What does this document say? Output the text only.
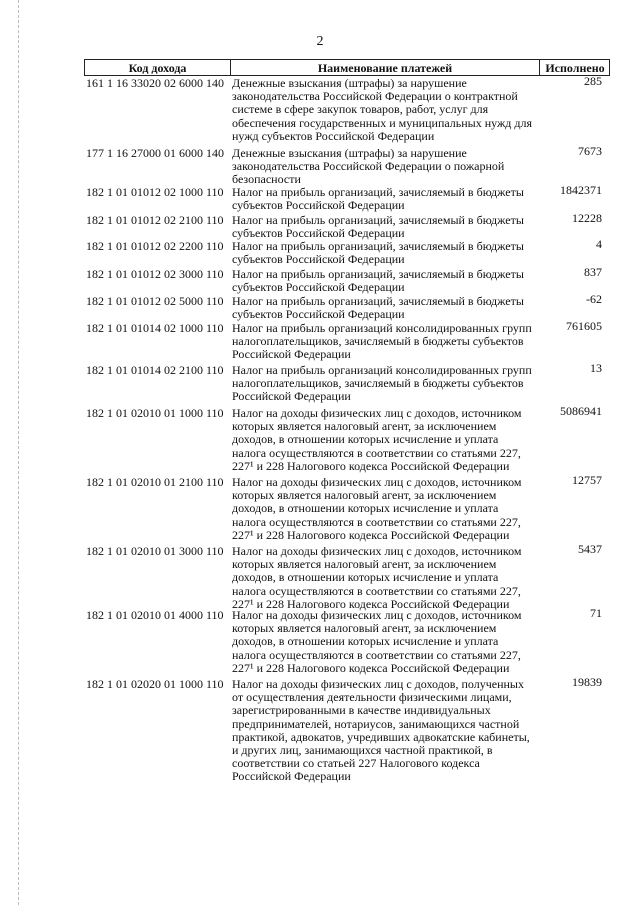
2
Код дохода	Наименование платежей	Исполнено
161 1 16 33020 02 6000 140 Денежные взыскания (штрафы) за нарушение
законодательства Российской Федерации о контрактной
системе в сфере закупок товаров, работ, услуг для
обеспечения государственных и муниципальных нужд для
нужд субъектов Российской Федерации
285
177 1 16 27000 01 6000 140 Денежные взыскания (штрафы) за нарушение
законодательства Российской Федерации о пожарной
безопасности
7673
182 1 01 01012 02 1000 110 Налог на прибыль организаций, зачисляемый в бюджеты
субъектов Российской Федерации
1842371
182 1 01 01012 02 2100 110 Налог на прибыль организаций, зачисляемый в бюджеты
субъектов Российской Федерации
12228
182 1 01 01012 02 2200 110 Налог на прибыль организаций, зачисляемый в бюджеты
субъектов Российской Федерации
4
182 1 01 01012 02 3000 110 Налог на прибыль организаций, зачисляемый в бюджеты
субъектов Российской Федерации
837
182 1 01 01012 02 5000 110 Налог на прибыль организаций, зачисляемый в бюджеты
субъектов Российской Федерации
-62
182 1 01 01014 02 1000 110 Налог на прибыль организаций консолидированных групп
налогоплательщиков, зачисляемый в бюджеты субъектов
Российской Федерации
761605
182 1 01 01014 02 2100 110 Налог на прибыль организаций консолидированных групп
налогоплательщиков, зачисляемый в бюджеты субъектов
Российской Федерации
13
182 1 01 02010 01 1000 110 Налог на доходы физических лиц с доходов, источником
которых является налоговый агент, за исключением
доходов, в отношении которых исчисление и уплата
налога осуществляются в соответствии со статьями 227,
227¹ и 228 Налогового кодекса Российской Федерации
5086941
182 1 01 02010 01 2100 110 Налог на доходы физических лиц с доходов, источником
которых является налоговый агент, за исключением
доходов, в отношении которых исчисление и уплата
налога осуществляются в соответствии со статьями 227,
227¹ и 228 Налогового кодекса Российской Федерации
12757
182 1 01 02010 01 3000 110 Налог на доходы физических лиц с доходов, источником
которых является налоговый агент, за исключением
доходов, в отношении которых исчисление и уплата
налога осуществляются в соответствии со статьями 227,
227¹ и 228 Налогового кодекса Российской Федерации
5437
182 1 01 02010 01 4000 110 Налог на доходы физических лиц с доходов, источником
которых является налоговый агент, за исключением
доходов, в отношении которых исчисление и уплата
налога осуществляются в соответствии со статьями 227,
227¹ и 228 Налогового кодекса Российской Федерации
71
182 1 01 02020 01 1000 110 Налог на доходы физических лиц с доходов, полученных
от осуществления деятельности физическими лицами,
зарегистрированными в качестве индивидуальных
предпринимателей, нотариусов, занимающихся частной
практикой, адвокатов, учредивших адвокатские кабинеты,
и других лиц, занимающихся частной практикой, в
соответствии со статьей 227 Налогового кодекса
Российской Федерации
19839
